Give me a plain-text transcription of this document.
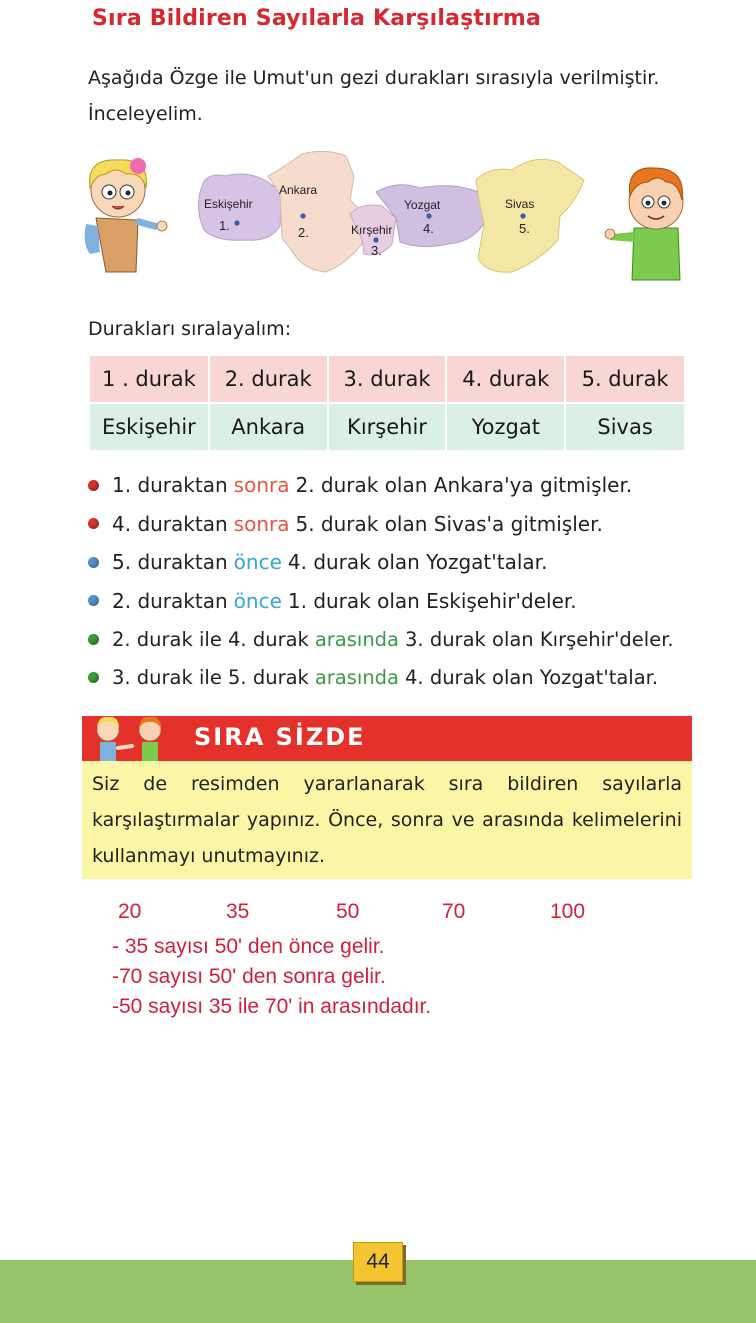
Sıra Bildiren Sayılarla Karşılaştırma
Aşağıda Özge ile Umut'un gezi durakları sırasıyla verilmiştir. İnceleyelim.
Eskişehir
1.
Ankara
2.	Kırşehir
3.
Yozgat
4.
Sivas
5.
Durakları sıralayalım:
1 . durak	2. durak	3. durak	4. durak	5. durak
Eskişehir	Ankara	Kırşehir	Yozgat	Sivas
1. duraktan sonra 2. durak olan Ankara'ya gitmişler.
4. duraktan sonra 5. durak olan Sivas'a gitmişler.
5. duraktan önce 4. durak olan Yozgat'talar.
2. duraktan önce 1. durak olan Eskişehir'deler.
2. durak ile 4. durak arasında 3. durak olan Kırşehir'deler.
3. durak ile 5. durak arasında 4. durak olan Yozgat'talar.
SIRA SİZDE
Siz de resimden yararlanarak sıra bildiren sayılarla karşılaştırmalar yapınız. Önce, sonra ve arasında kelimelerini kullanmayı unutmayınız.
20	35	50	70	100
- 35 sayısı 50' den önce gelir.
-70 sayısı 50' den sonra gelir.
-50 sayısı 35 ile 70' in arasındadır.
44
